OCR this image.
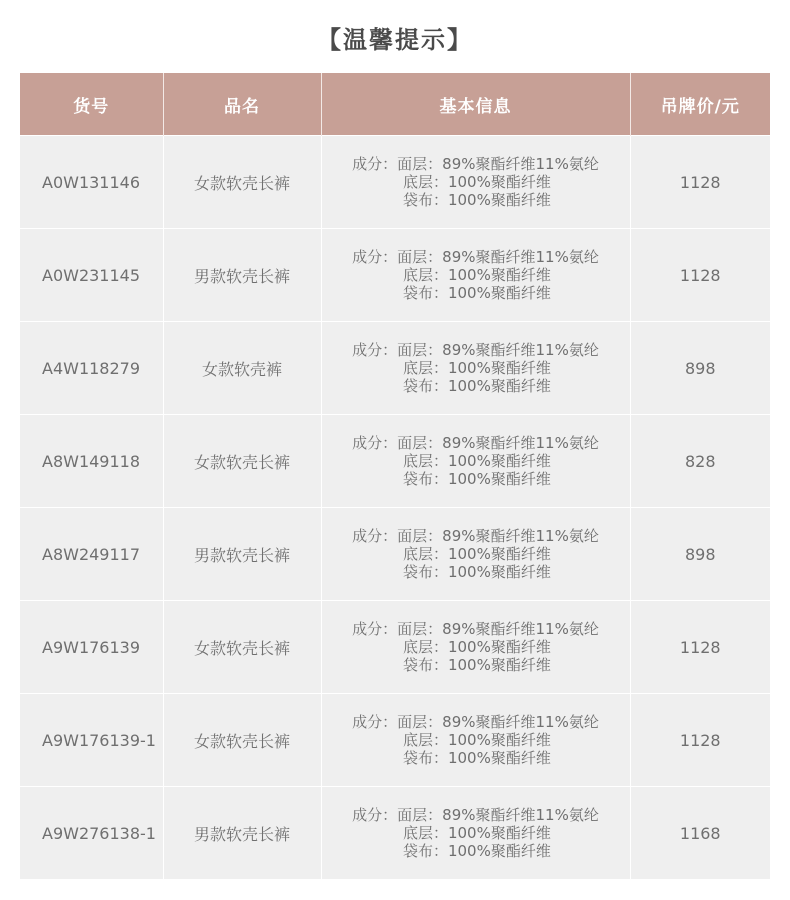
【温馨提示】
货号	品名	基本信息	吊牌价/元
A0W131146	女款软壳长裤	成分：面层：89%聚酯纤维11%氨纶
底层：100%聚酯纤维
袋布：100%聚酯纤维	1128
A0W231145	男款软壳长裤	成分：面层：89%聚酯纤维11%氨纶
底层：100%聚酯纤维
袋布：100%聚酯纤维	1128
A4W118279	女款软壳裤	成分：面层：89%聚酯纤维11%氨纶
底层：100%聚酯纤维
袋布：100%聚酯纤维	898
A8W149118	女款软壳长裤	成分：面层：89%聚酯纤维11%氨纶
底层：100%聚酯纤维
袋布：100%聚酯纤维	828
A8W249117	男款软壳长裤	成分：面层：89%聚酯纤维11%氨纶
底层：100%聚酯纤维
袋布：100%聚酯纤维	898
A9W176139	女款软壳长裤	成分：面层：89%聚酯纤维11%氨纶
底层：100%聚酯纤维
袋布：100%聚酯纤维	1128
A9W176139-1	女款软壳长裤	成分：面层：89%聚酯纤维11%氨纶
底层：100%聚酯纤维
袋布：100%聚酯纤维	1128
A9W276138-1	男款软壳长裤	成分：面层：89%聚酯纤维11%氨纶
底层：100%聚酯纤维
袋布：100%聚酯纤维	1168
